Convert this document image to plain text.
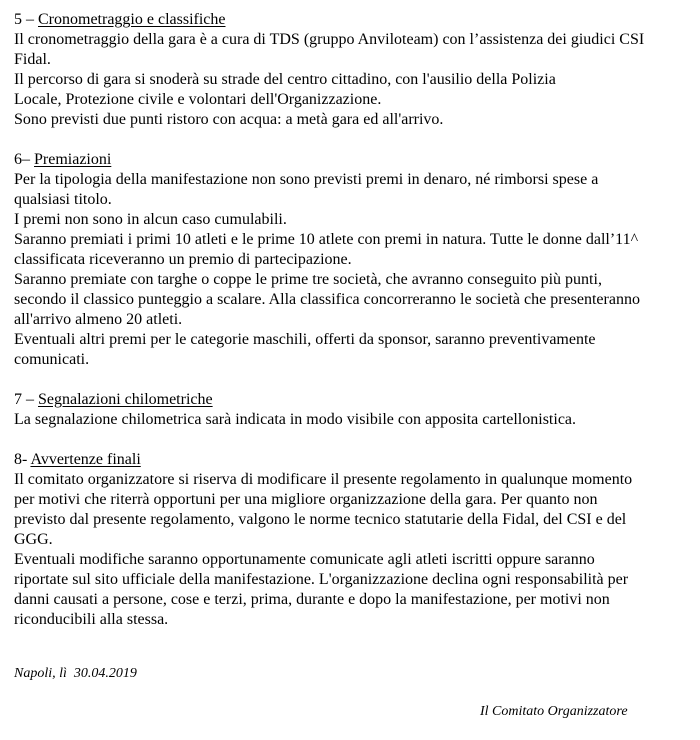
5 – Cronometraggio e classifiche
Il cronometraggio della gara è a cura di TDS (gruppo Anviloteam) con l’assistenza dei giudici CSI
Fidal.
Il percorso di gara si snoderà su strade del centro cittadino, con l'ausilio della Polizia
Locale, Protezione civile e volontari dell'Organizzazione.
Sono previsti due punti ristoro con acqua: a metà gara ed all'arrivo.
6– Premiazioni
Per la tipologia della manifestazione non sono previsti premi in denaro, né rimborsi spese a
qualsiasi titolo.
I premi non sono in alcun caso cumulabili.
Saranno premiati i primi 10 atleti e le prime 10 atlete con premi in natura. Tutte le donne dall’11^
classificata riceveranno un premio di partecipazione.
Saranno premiate con targhe o coppe le prime tre società, che avranno conseguito più punti,
secondo il classico punteggio a scalare. Alla classifica concorreranno le società che presenteranno
all'arrivo almeno 20 atleti.
Eventuali altri premi per le categorie maschili, offerti da sponsor, saranno preventivamente
comunicati.
7 – Segnalazioni chilometriche
La segnalazione chilometrica sarà indicata in modo visibile con apposita cartellonistica.
8- Avvertenze finali
Il comitato organizzatore si riserva di modificare il presente regolamento in qualunque momento
per motivi che riterrà opportuni per una migliore organizzazione della gara. Per quanto non
previsto dal presente regolamento, valgono le norme tecnico statutarie della Fidal, del CSI e del
GGG.
Eventuali modifiche saranno opportunamente comunicate agli atleti iscritti oppure saranno
riportate sul sito ufficiale della manifestazione. L'organizzazione declina ogni responsabilità per
danni causati a persone, cose e terzi, prima, durante e dopo la manifestazione, per motivi non
riconducibili alla stessa.
Napoli, lì  30.04.2019
Il Comitato Organizzatore
